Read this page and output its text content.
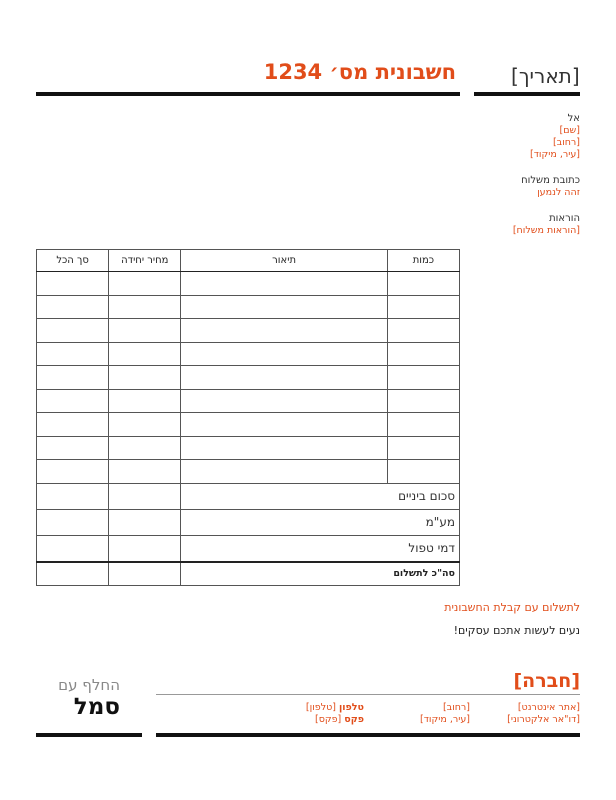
חשבונית מס׳ 1234	[תאריך]
אל
[שם]
[רחוב]
[עיר, מיקוד]
כתובת משלוח
זהה לנמען
הוראות
[הוראות משלוח]
כמות	תיאור	מחיר יחידה	סך הכל

סכום ביניים			
מע"מ			
דמי טפול			
סה"כ לתשלום			
לתשלום עם קבלת החשבונית
נעים לעשות אתכם עסקים!
[חברה]
[אתר אינטרנט]
[דו"אר אלקטרוני]
[רחוב]
[עיר, מיקוד]
טלפון [טלפון]
פקס [פקס]
החלף עם
סמל
